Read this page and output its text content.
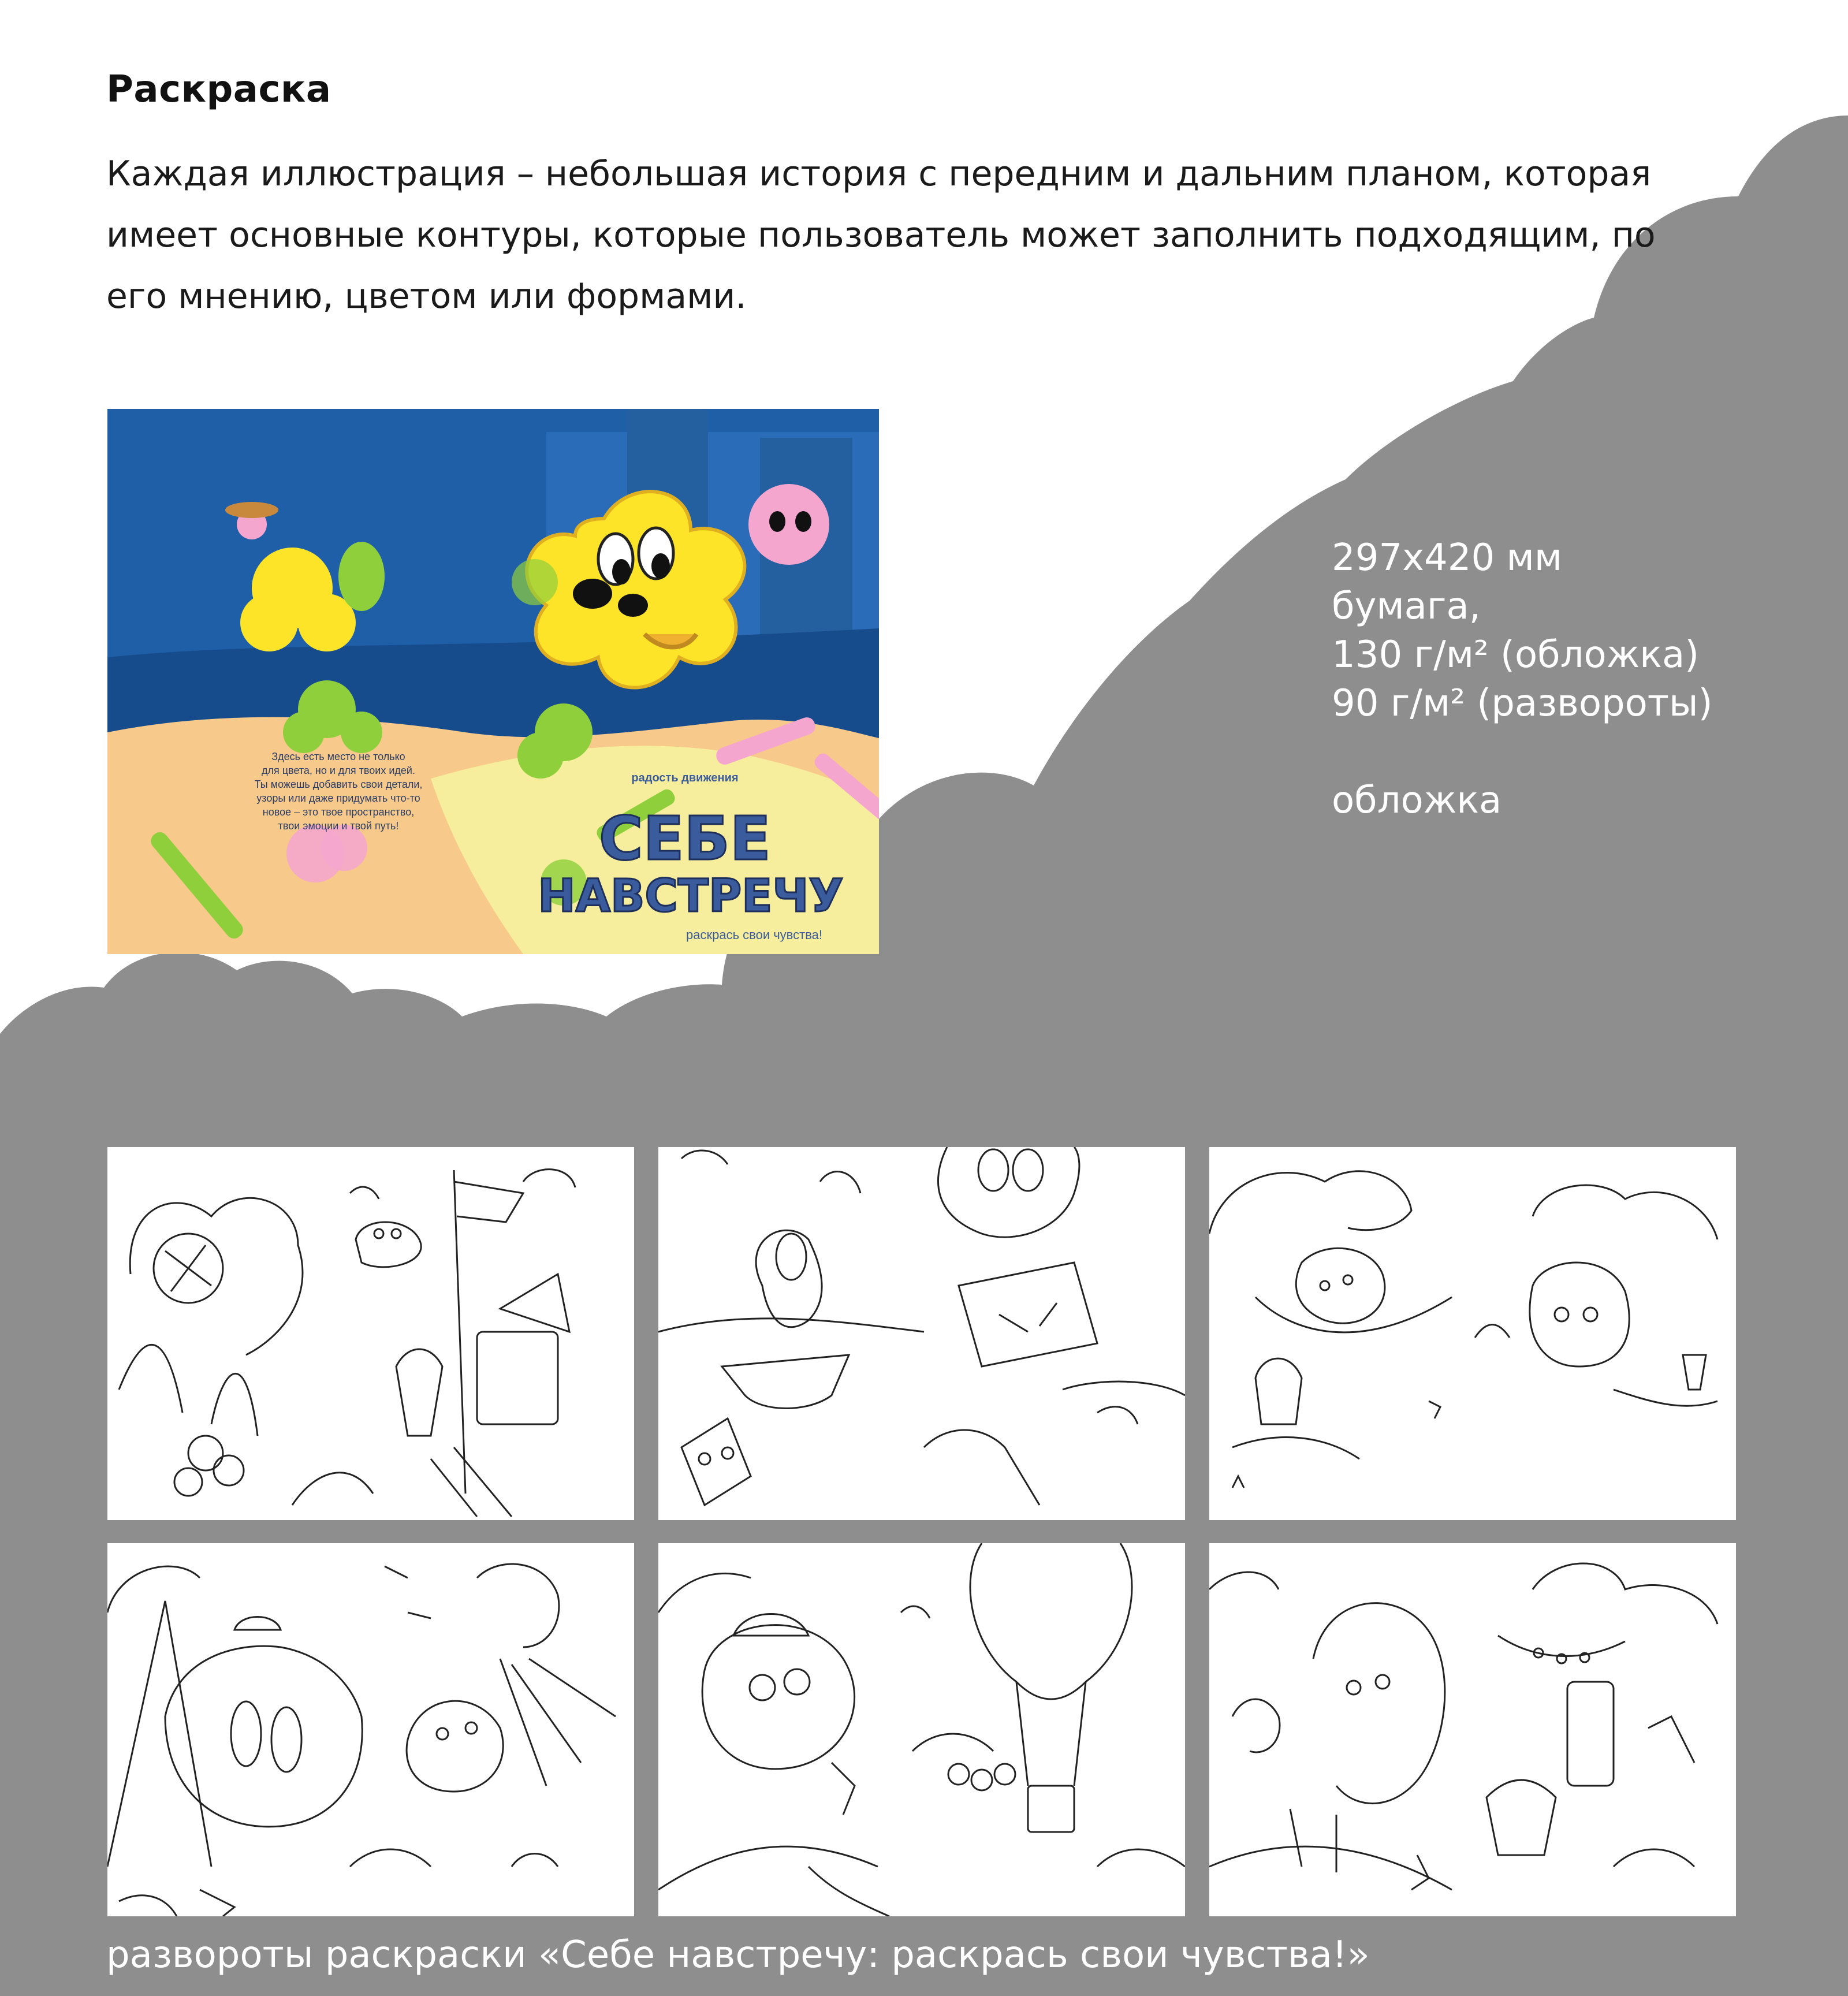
Раскраска

Каждая иллюстрация – небольшая история с передним и дальним планом, которая имеет основные контуры, которые пользователь может заполнить подходящим, по его мнению, цветом или формами.

297х420 мм
бумага,
130 г/м² (обложка)
90 г/м² (развороты)
обложка
Здесь есть место не только
для цвета, но и для твоих идей.
Ты можешь добавить свои детали,
узоры или даже придумать что-то
новое – это твое пространство,
твои эмоции и твой путь!
радость движения
СЕБЕ
НАВСТРЕЧУ
раскрась свои чувства!

развороты раскраски «Себе навстречу: раскрась свои чувства!»
